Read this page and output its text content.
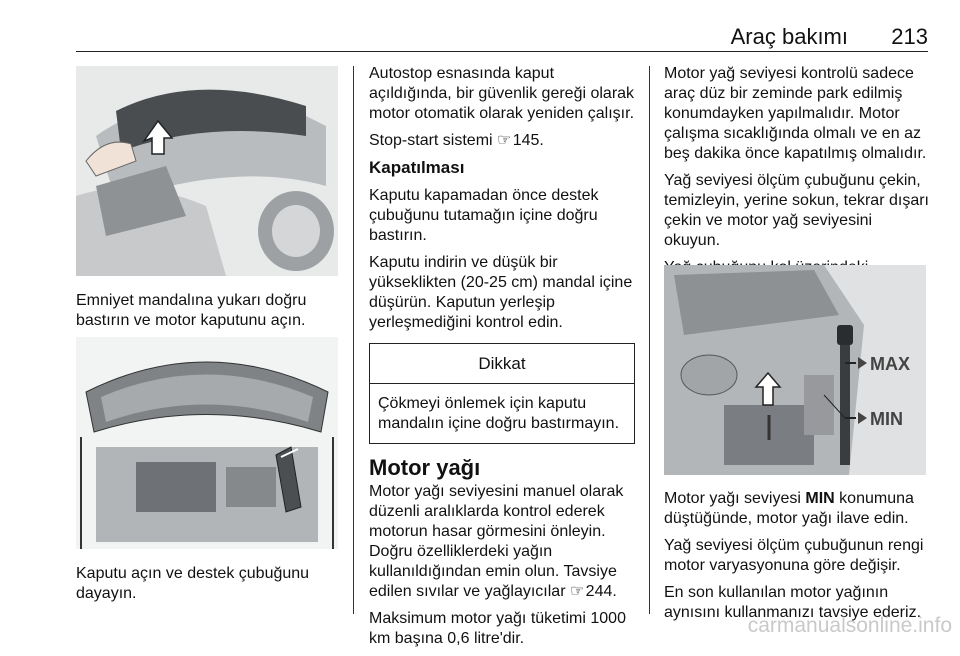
Araç bakımı 213

Emniyet mandalına yukarı doğru bastırın ve motor kaputunu açın.

Kaputu açın ve destek çubuğunu dayayın.

Autostop esnasında kaput açıldığında, bir güvenlik gereği olarak motor otomatik olarak yeniden çalışır.

Stop-start sistemi ☞ 145.

Kapatılması

Kaputu kapamadan önce destek çubuğunu tutamağın içine doğru bastırın.

Kaputu indirin ve düşük bir yükseklikten (20-25 cm) mandal içine düşürün. Kaputun yerleşip yerleşmediğini kontrol edin.

Dikkat
Çökmeyi önlemek için kaputu mandalın içine doğru bastırmayın.
Motor yağı

Motor yağı seviyesini manuel olarak düzenli aralıklarda kontrol ederek motorun hasar görmesini önleyin. Doğru özelliklerdeki yağın kullanıldığından emin olun. Tavsiye edilen sıvılar ve yağlayıcılar ☞ 244.

Maksimum motor yağı tüketimi 1000 km başına 0,6 litre'dir.

Motor yağ seviyesi kontrolü sadece araç düz bir zeminde park edilmiş konumdayken yapılmalıdır. Motor çalışma sıcaklığında olmalı ve en az beş dakika önce kapatılmış olmalıdır.

Yağ seviyesi ölçüm çubuğunu çekin, temizleyin, yerine sokun, tekrar dışarı çekin ve motor yağ seviyesini okuyun.

MAX
MIN

Motor yağı seviyesi MIN konumuna düştüğünde, motor yağı ilave edin.

Yağ seviyesi ölçüm çubuğunun rengi motor varyasyonuna göre değişir.

En son kullanılan motor yağının aynısını kullanmanızı tavsiye ederiz.

carmanualsonline.info
